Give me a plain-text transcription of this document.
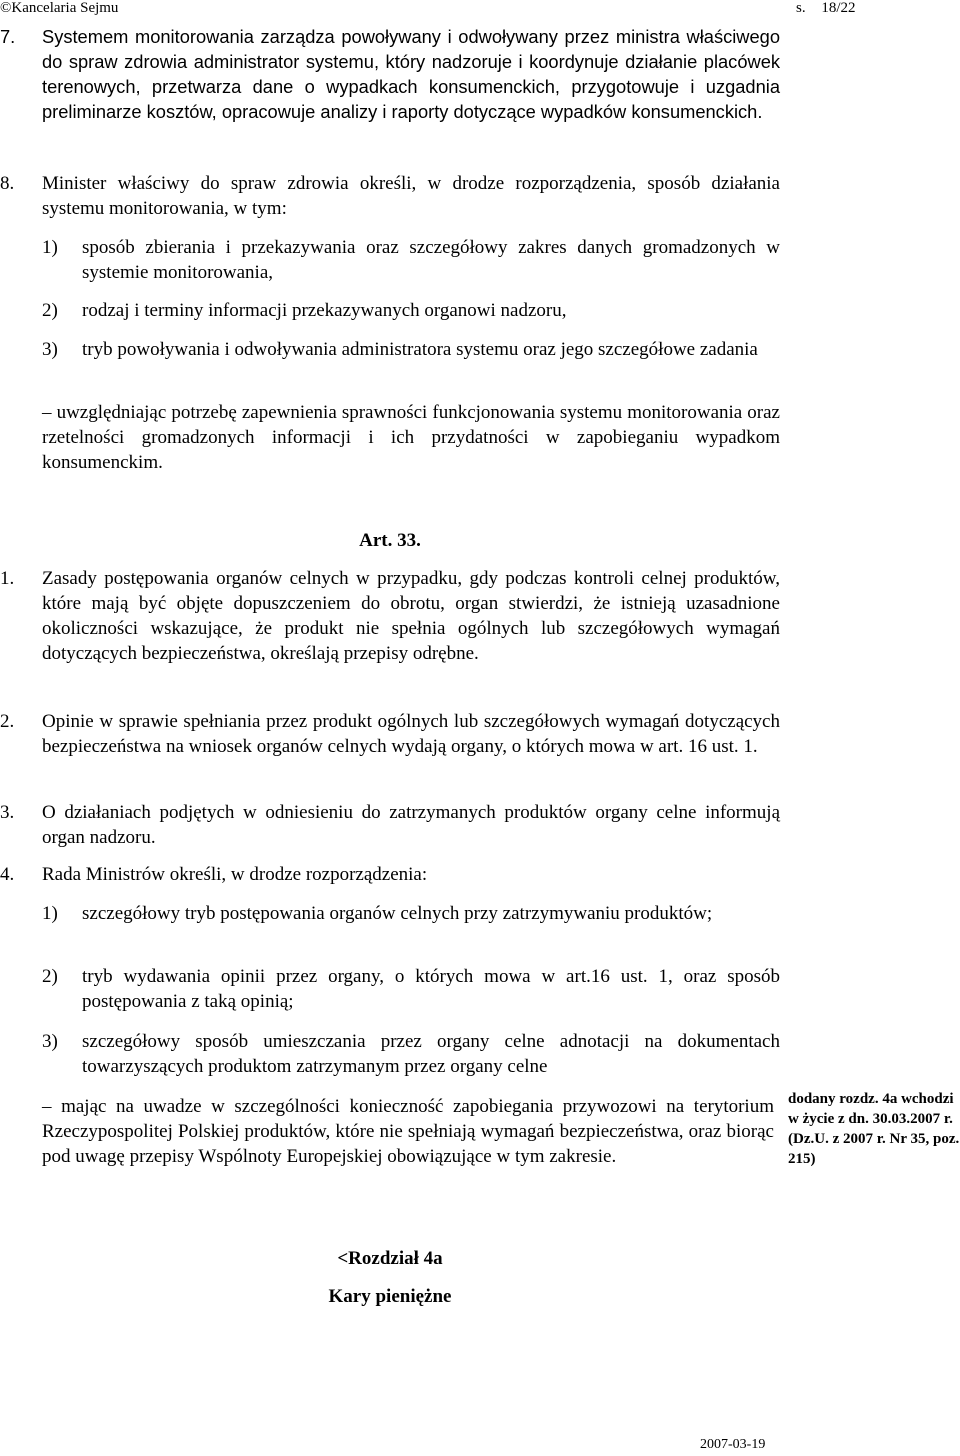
©Kancelaria Sejmu	s. 18/22

7. Systemem monitorowania zarządza powoływany i odwoływany przez ministra właściwego do spraw zdrowia administrator systemu, który nadzoruje i koordynuje działanie placówek terenowych, przetwarza dane o wypadkach konsumenckich, przygotowuje i uzgadnia preliminarze kosztów, opracowuje analizy i raporty dotyczące wypadków konsumenckich.

8. Minister właściwy do spraw zdrowia określi, w drodze rozporządzenia, sposób działania systemu monitorowania, w tym:

1) sposób zbierania i przekazywania oraz szczegółowy zakres danych gromadzonych w systemie monitorowania,

2) rodzaj i terminy informacji przekazywanych organowi nadzoru,

3) tryb powoływania i odwoływania administratora systemu oraz jego szczegółowe zadania

– uwzględniając potrzebę zapewnienia sprawności funkcjonowania systemu monitorowania oraz rzetelności gromadzonych informacji i ich przydatności w zapobieganiu wypadkom konsumenckim.

Art. 33.

1. Zasady postępowania organów celnych w przypadku, gdy podczas kontroli celnej produktów, które mają być objęte dopuszczeniem do obrotu, organ stwierdzi, że istnieją uzasadnione okoliczności wskazujące, że produkt nie spełnia ogólnych lub szczegółowych wymagań dotyczących bezpieczeństwa, określają przepisy odrębne.

2. Opinie w sprawie spełniania przez produkt ogólnych lub szczegółowych wymagań dotyczących bezpieczeństwa na wniosek organów celnych wydają organy, o których mowa w art. 16 ust. 1.

3. O działaniach podjętych w odniesieniu do zatrzymanych produktów organy celne informują organ nadzoru.

4. Rada Ministrów określi, w drodze rozporządzenia:

1) szczegółowy tryb postępowania organów celnych przy zatrzymywaniu produktów;

2) tryb wydawania opinii przez organy, o których mowa w art.16 ust. 1, oraz sposób postępowania z taką opinią;

3) szczegółowy sposób umieszczania przez organy celne adnotacji na dokumentach towarzyszących produktom zatrzymanym przez organy celne

– mając na uwadze w szczególności konieczność zapobiegania przywozowi na terytorium Rzeczypospolitej Polskiej produktów, które nie spełniają wymagań bezpieczeństwa, oraz biorąc pod uwagę przepisy Wspólnoty Europejskiej obowiązujące w tym zakresie.

dodany rozdz. 4a wchodzi w życie z dn. 30.03.2007 r. (Dz.U. z 2007 r. Nr 35, poz. 215)
<Rozdział 4a
Kary pieniężne
2007-03-19
